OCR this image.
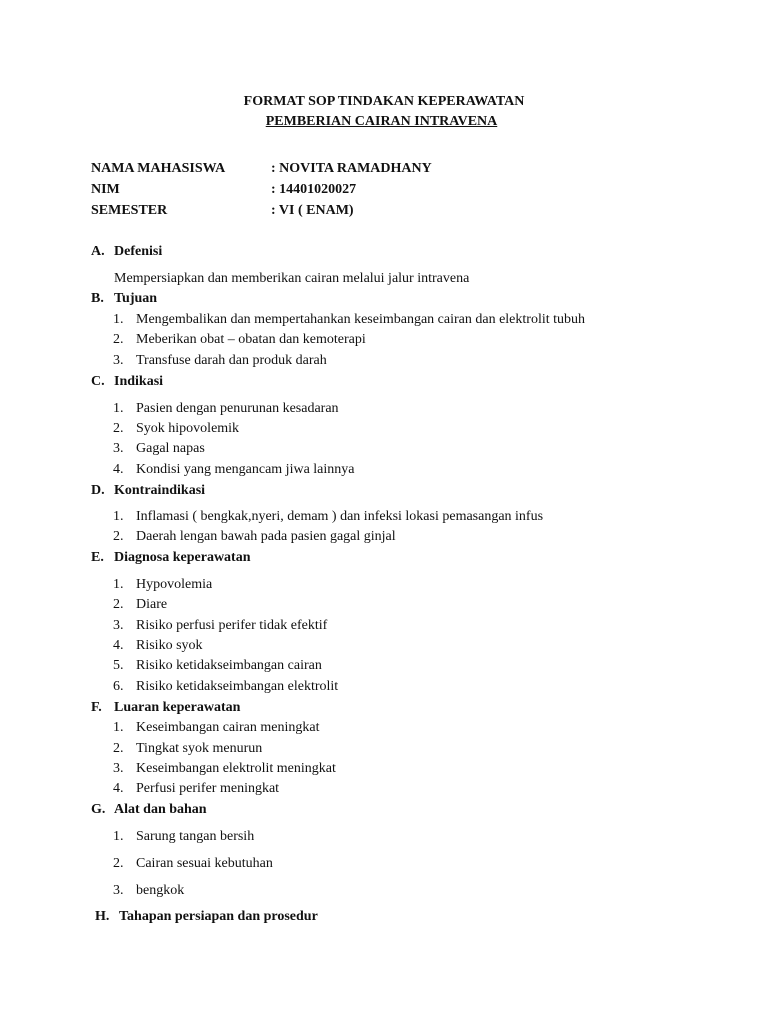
FORMAT SOP TINDAKAN KEPERAWATAN
PEMBERIAN CAIRAN INTRAVENA
NAMA MAHASISWA	: NOVITA RAMADHANY
NIM	: 14401020027
SEMESTER	: VI ( ENAM)
A. Defenisi
Mempersiapkan dan memberikan cairan melalui jalur intravena
B. Tujuan
1. Mengembalikan dan mempertahankan keseimbangan cairan dan elektrolit tubuh
2. Meberikan obat – obatan dan kemoterapi
3. Transfuse darah dan produk darah
C. Indikasi
1. Pasien dengan penurunan kesadaran
2. Syok hipovolemik
3. Gagal napas
4. Kondisi yang mengancam jiwa lainnya
D. Kontraindikasi
1. Inflamasi ( bengkak,nyeri, demam ) dan infeksi lokasi pemasangan infus
2. Daerah lengan bawah pada pasien gagal ginjal
E. Diagnosa keperawatan
1. Hypovolemia
2. Diare
3. Risiko perfusi perifer tidak efektif
4. Risiko syok
5. Risiko ketidakseimbangan cairan
6. Risiko ketidakseimbangan elektrolit
F. Luaran keperawatan
1. Keseimbangan cairan meningkat
2. Tingkat syok menurun
3. Keseimbangan elektrolit meningkat
4. Perfusi perifer meningkat
G. Alat dan bahan
1. Sarung tangan bersih
2. Cairan sesuai kebutuhan
3. bengkok
H. Tahapan persiapan dan prosedur
